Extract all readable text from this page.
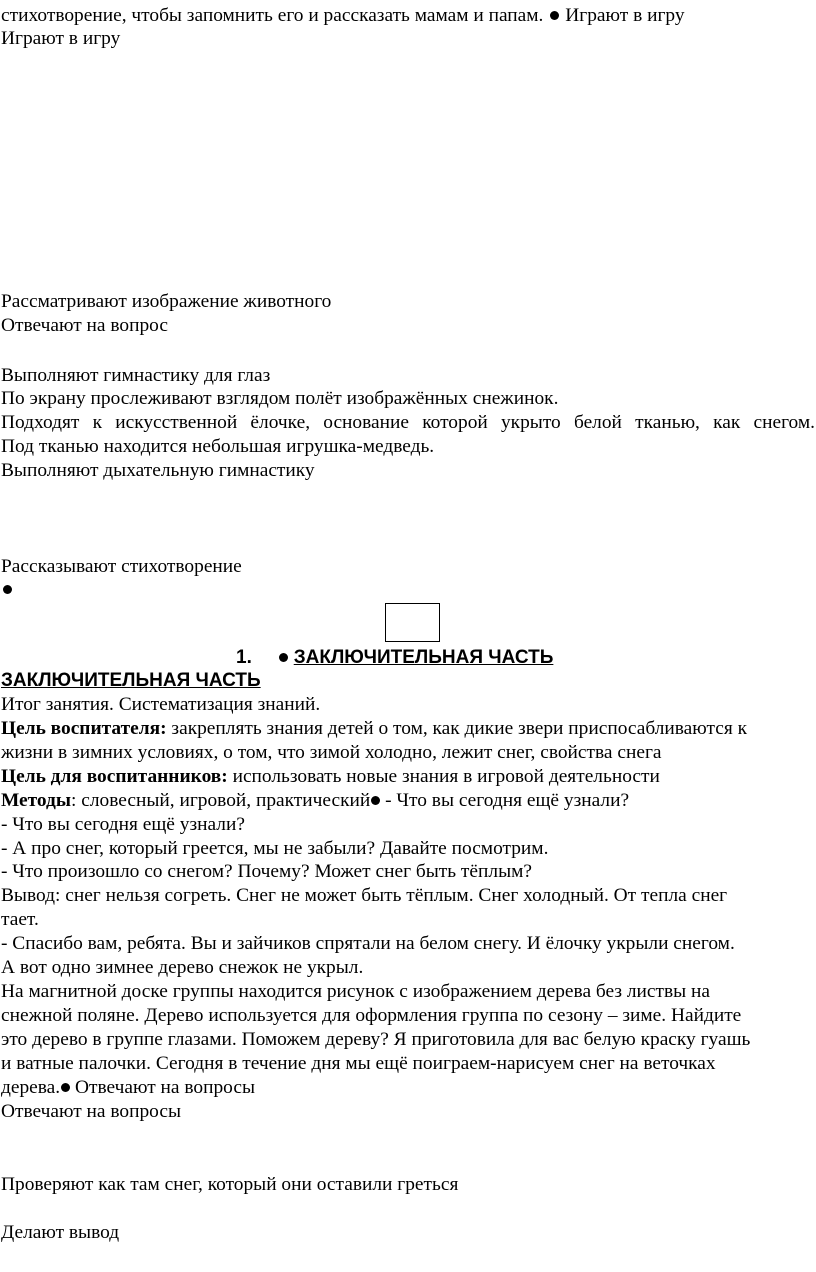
стихотворение, чтобы запомнить его и рассказать мамам и папам. Играют в игру
Играют в игру
Рассматривают изображение животного
Отвечают на вопрос
Выполняют гимнастику для глаз
По экрану прослеживают взглядом полёт изображённых снежинок.
Подходят к искусственной ёлочке, основание которой укрыто белой тканью, как снегом.
Под тканью находится небольшая игрушка-медведь.
Выполняют дыхательную гимнастику
Рассказывают стихотворение
1. ЗАКЛЮЧИТЕЛЬНАЯ ЧАСТЬ
ЗАКЛЮЧИТЕЛЬНАЯ ЧАСТЬ
Итог занятия. Систематизация знаний.
Цель воспитателя: закреплять знания детей о том, как дикие звери приспосабливаются к
жизни в зимних условиях, о том, что зимой холодно, лежит снег, свойства снега
Цель для воспитанников: использовать новые знания в игровой деятельности
Методы: словесный, игровой, практический - Что вы сегодня ещё узнали?
- Что вы сегодня ещё узнали?
- А про снег, который греется, мы не забыли? Давайте посмотрим.
- Что произошло со снегом? Почему? Может снег быть тёплым?
Вывод: снег нельзя согреть. Снег не может быть тёплым. Снег холодный. От тепла снег
тает.
- Спасибо вам, ребята. Вы и зайчиков спрятали на белом снегу. И ёлочку укрыли снегом.
А вот одно зимнее дерево снежок не укрыл.
На магнитной доске группы находится рисунок с изображением дерева без листвы на
снежной поляне. Дерево используется для оформления группа по сезону – зиме. Найдите
это дерево в группе глазами. Поможем дереву? Я приготовила для вас белую краску гуашь
и ватные палочки. Сегодня в течение дня мы ещё поиграем-нарисуем снег на веточках
дерева. Отвечают на вопросы
Отвечают на вопросы
Проверяют как там снег, который они оставили греться
Делают вывод
